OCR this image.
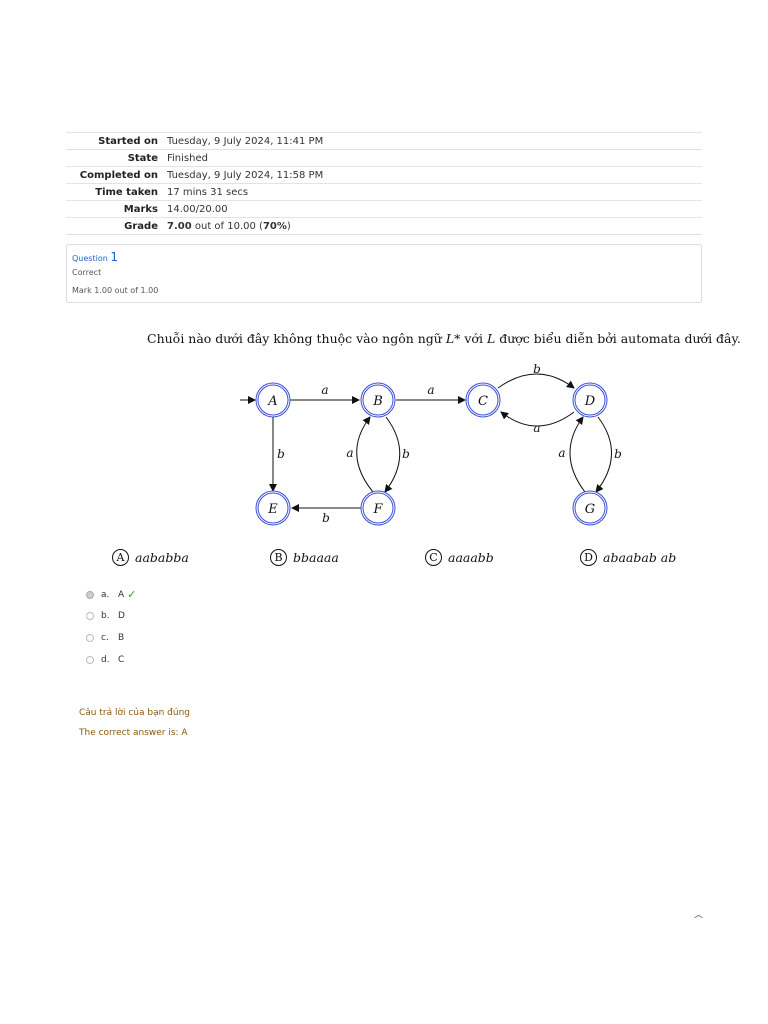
Started on	Tuesday, 9 July 2024, 11:41 PM
State	Finished
Completed on	Tuesday, 9 July 2024, 11:58 PM
Time taken	17 mins 31 secs
Marks	14.00/20.00
Grade	7.00 out of 10.00 (70%)
Question 1
Correct
Mark 1.00 out of 1.00
Chuỗi nào dưới đây không thuộc vào ngôn ngữ L* với L được biểu diễn bởi automata dưới đây.
a	a
b
a
b	a	b
b
a	b
A	B	C	D
E	F	G
A aababba	B bbaaaa	C aaaabb	D abaabab ab
a. A ✓
b. D
c.	B
d. C
Câu trả lời của bạn đúng
The correct answer is: A
^
